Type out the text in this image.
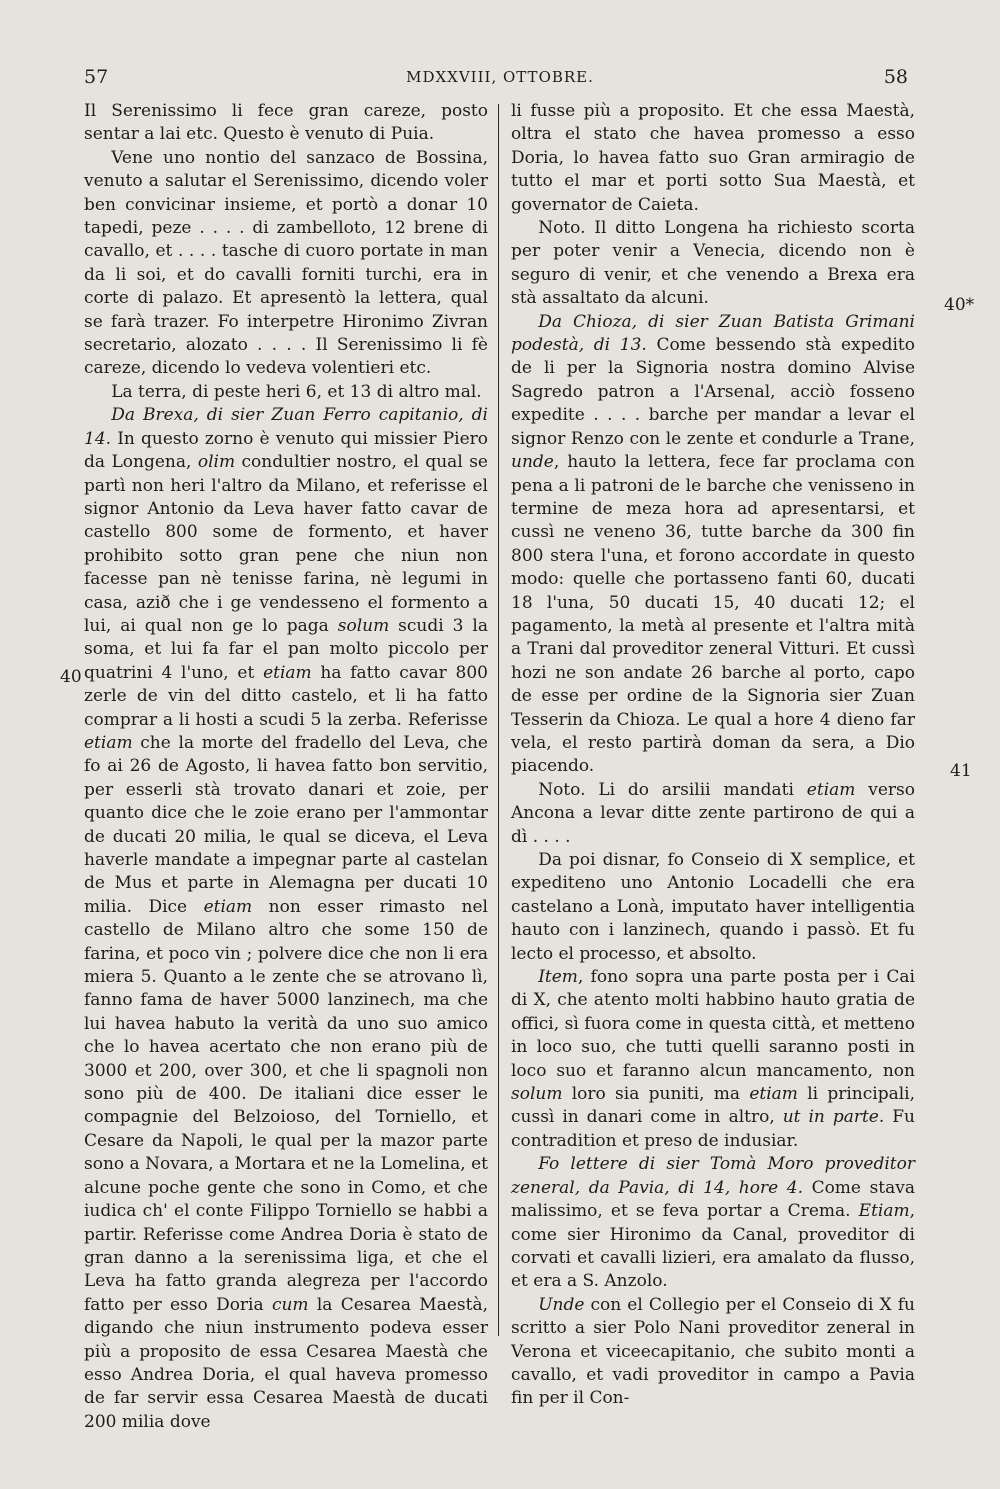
57	MDXXVIII, OTTOBRE.	58
40
40*
41

Il Serenissimo li fece gran careze, posto sentar a lai etc. Questo è venuto di Puia.

Vene uno nontio del sanzaco de Bossina, venuto a salutar el Serenissimo, dicendo voler ben convicinar insieme, et portò a donar 10 tapedi, peze . . . . di zambelloto, 12 brene di cavallo, et . . . . tasche di cuoro portate in man da li soi, et do cavalli forniti turchi, era in corte di palazo. Et apresentò la lettera, qual se farà trazer. Fo interpetre Hironimo Zivran secretario, alozato . . . . Il Serenissimo li fè careze, dicendo lo vedeva volentieri etc.

La terra, di peste heri 6, et 13 di altro mal.

Da Brexa, di sier Zuan Ferro capitanio, di 14. In questo zorno è venuto qui missier Piero da Longena, olim condultier nostro, el qual se partì non heri l'altro da Milano, et referisse el signor Antonio da Leva haver fatto cavar de castello 800 some de formento, et haver prohibito sotto gran pene che niun non facesse pan nè tenisse farina, nè legumi in casa, azið che i ge vendesseno el formento a lui, ai qual non ge lo paga solum scudi 3 la soma, et lui fa far el pan molto piccolo per quatrini 4 l'uno, et etiam ha fatto cavar 800 zerle de vin del ditto castelo, et li ha fatto comprar a li hosti a scudi 5 la zerba. Referisse etiam che la morte del fradello del Leva, che fo ai 26 de Agosto, li havea fatto bon servitio, per esserli stà trovato danari et zoie, per quanto dice che le zoie erano per l'ammontar de ducati 20 milia, le qual se diceva, el Leva haverle mandate a impegnar parte al castelan de Mus et parte in Alemagna per ducati 10 milia. Dice etiam non esser rimasto nel castello de Milano altro che some 150 de farina, et poco vin ; polvere dice che non li era miera 5. Quanto a le zente che se atrovano lì, fanno fama de haver 5000 lanzinech, ma che lui havea habuto la verità da uno suo amico che lo havea acertato che non erano più de 3000 et 200, over 300, et che li spagnoli non sono più de 400. De italiani dice esser le compagnie del Belzoioso, del Torniello, et Cesare da Napoli, le qual per la mazor parte sono a Novara, a Mortara et ne la Lomelina, et alcune poche gente che sono in Como, et che iudica ch' el conte Filippo Torniello se habbi a partir. Referisse come Andrea Doria è stato de gran danno a la serenissima liga, et che el Leva ha fatto granda alegreza per l'accordo fatto per esso Doria cum la Cesarea Maestà, digando che niun instrumento podeva esser più a proposito de essa Cesarea Maestà che esso Andrea Doria, el qual haveva promesso de far servir essa Cesarea Maestà de ducati 200 milia dove

li fusse più a proposito. Et che essa Maestà, oltra el stato che havea promesso a esso Doria, lo havea fatto suo Gran armiragio de tutto el mar et porti sotto Sua Maestà, et governator de Caieta.

Noto. Il ditto Longena ha richiesto scorta per poter venir a Venecia, dicendo non è seguro di venir, et che venendo a Brexa era stà assaltato da alcuni.

Da Chioza, di sier Zuan Batista Grimani podestà, di 13. Come bessendo stà expedito de li per la Signoria nostra domino Alvise Sagredo patron a l'Arsenal, acciò fosseno expedite . . . . barche per mandar a levar el signor Renzo con le zente et condurle a Trane, unde, hauto la lettera, fece far proclama con pena a li patroni de le barche che venisseno in termine de meza hora ad apresentarsi, et cussì ne veneno 36, tutte barche da 300 fin 800 stera l'una, et forono accordate in questo modo: quelle che portasseno fanti 60, ducati 18 l'una, 50 ducati 15, 40 ducati 12; el pagamento, la metà al presente et l'altra mità a Trani dal proveditor zeneral Vitturi. Et cussì hozi ne son andate 26 barche al porto, capo de esse per ordine de la Signoria sier Zuan Tesserin da Chioza. Le qual a hore 4 dieno far vela, el resto partirà doman da sera, a Dio piacendo.

Noto. Li do arsilii mandati etiam verso Ancona a levar ditte zente partirono de qui a dì . . . .

Da poi disnar, fo Conseio di X semplice, et expediteno uno Antonio Locadelli che era castelano a Lonà, imputato haver intelligentia hauto con i lanzinech, quando i passò. Et fu lecto el processo, et absolto.

Item, fono sopra una parte posta per i Cai di X, che atento molti habbino hauto gratia de offici, sì fuora come in questa città, et metteno in loco suo, che tutti quelli saranno posti in loco suo et faranno alcun mancamento, non solum loro sia puniti, ma etiam li principali, cussì in danari come in altro, ut in parte. Fu contradition et preso de indusiar.

Fo lettere di sier Tomà Moro proveditor zeneral, da Pavia, di 14, hore 4. Come stava malissimo, et se feva portar a Crema. Etiam, come sier Hironimo da Canal, proveditor di corvati et cavalli lizieri, era amalato da flusso, et era a S. Anzolo.

Unde con el Collegio per el Conseio di X fu scritto a sier Polo Nani proveditor zeneral in Verona et viceecapitanio, che subito monti a cavallo, et vadi proveditor in campo a Pavia fin per il Con-
